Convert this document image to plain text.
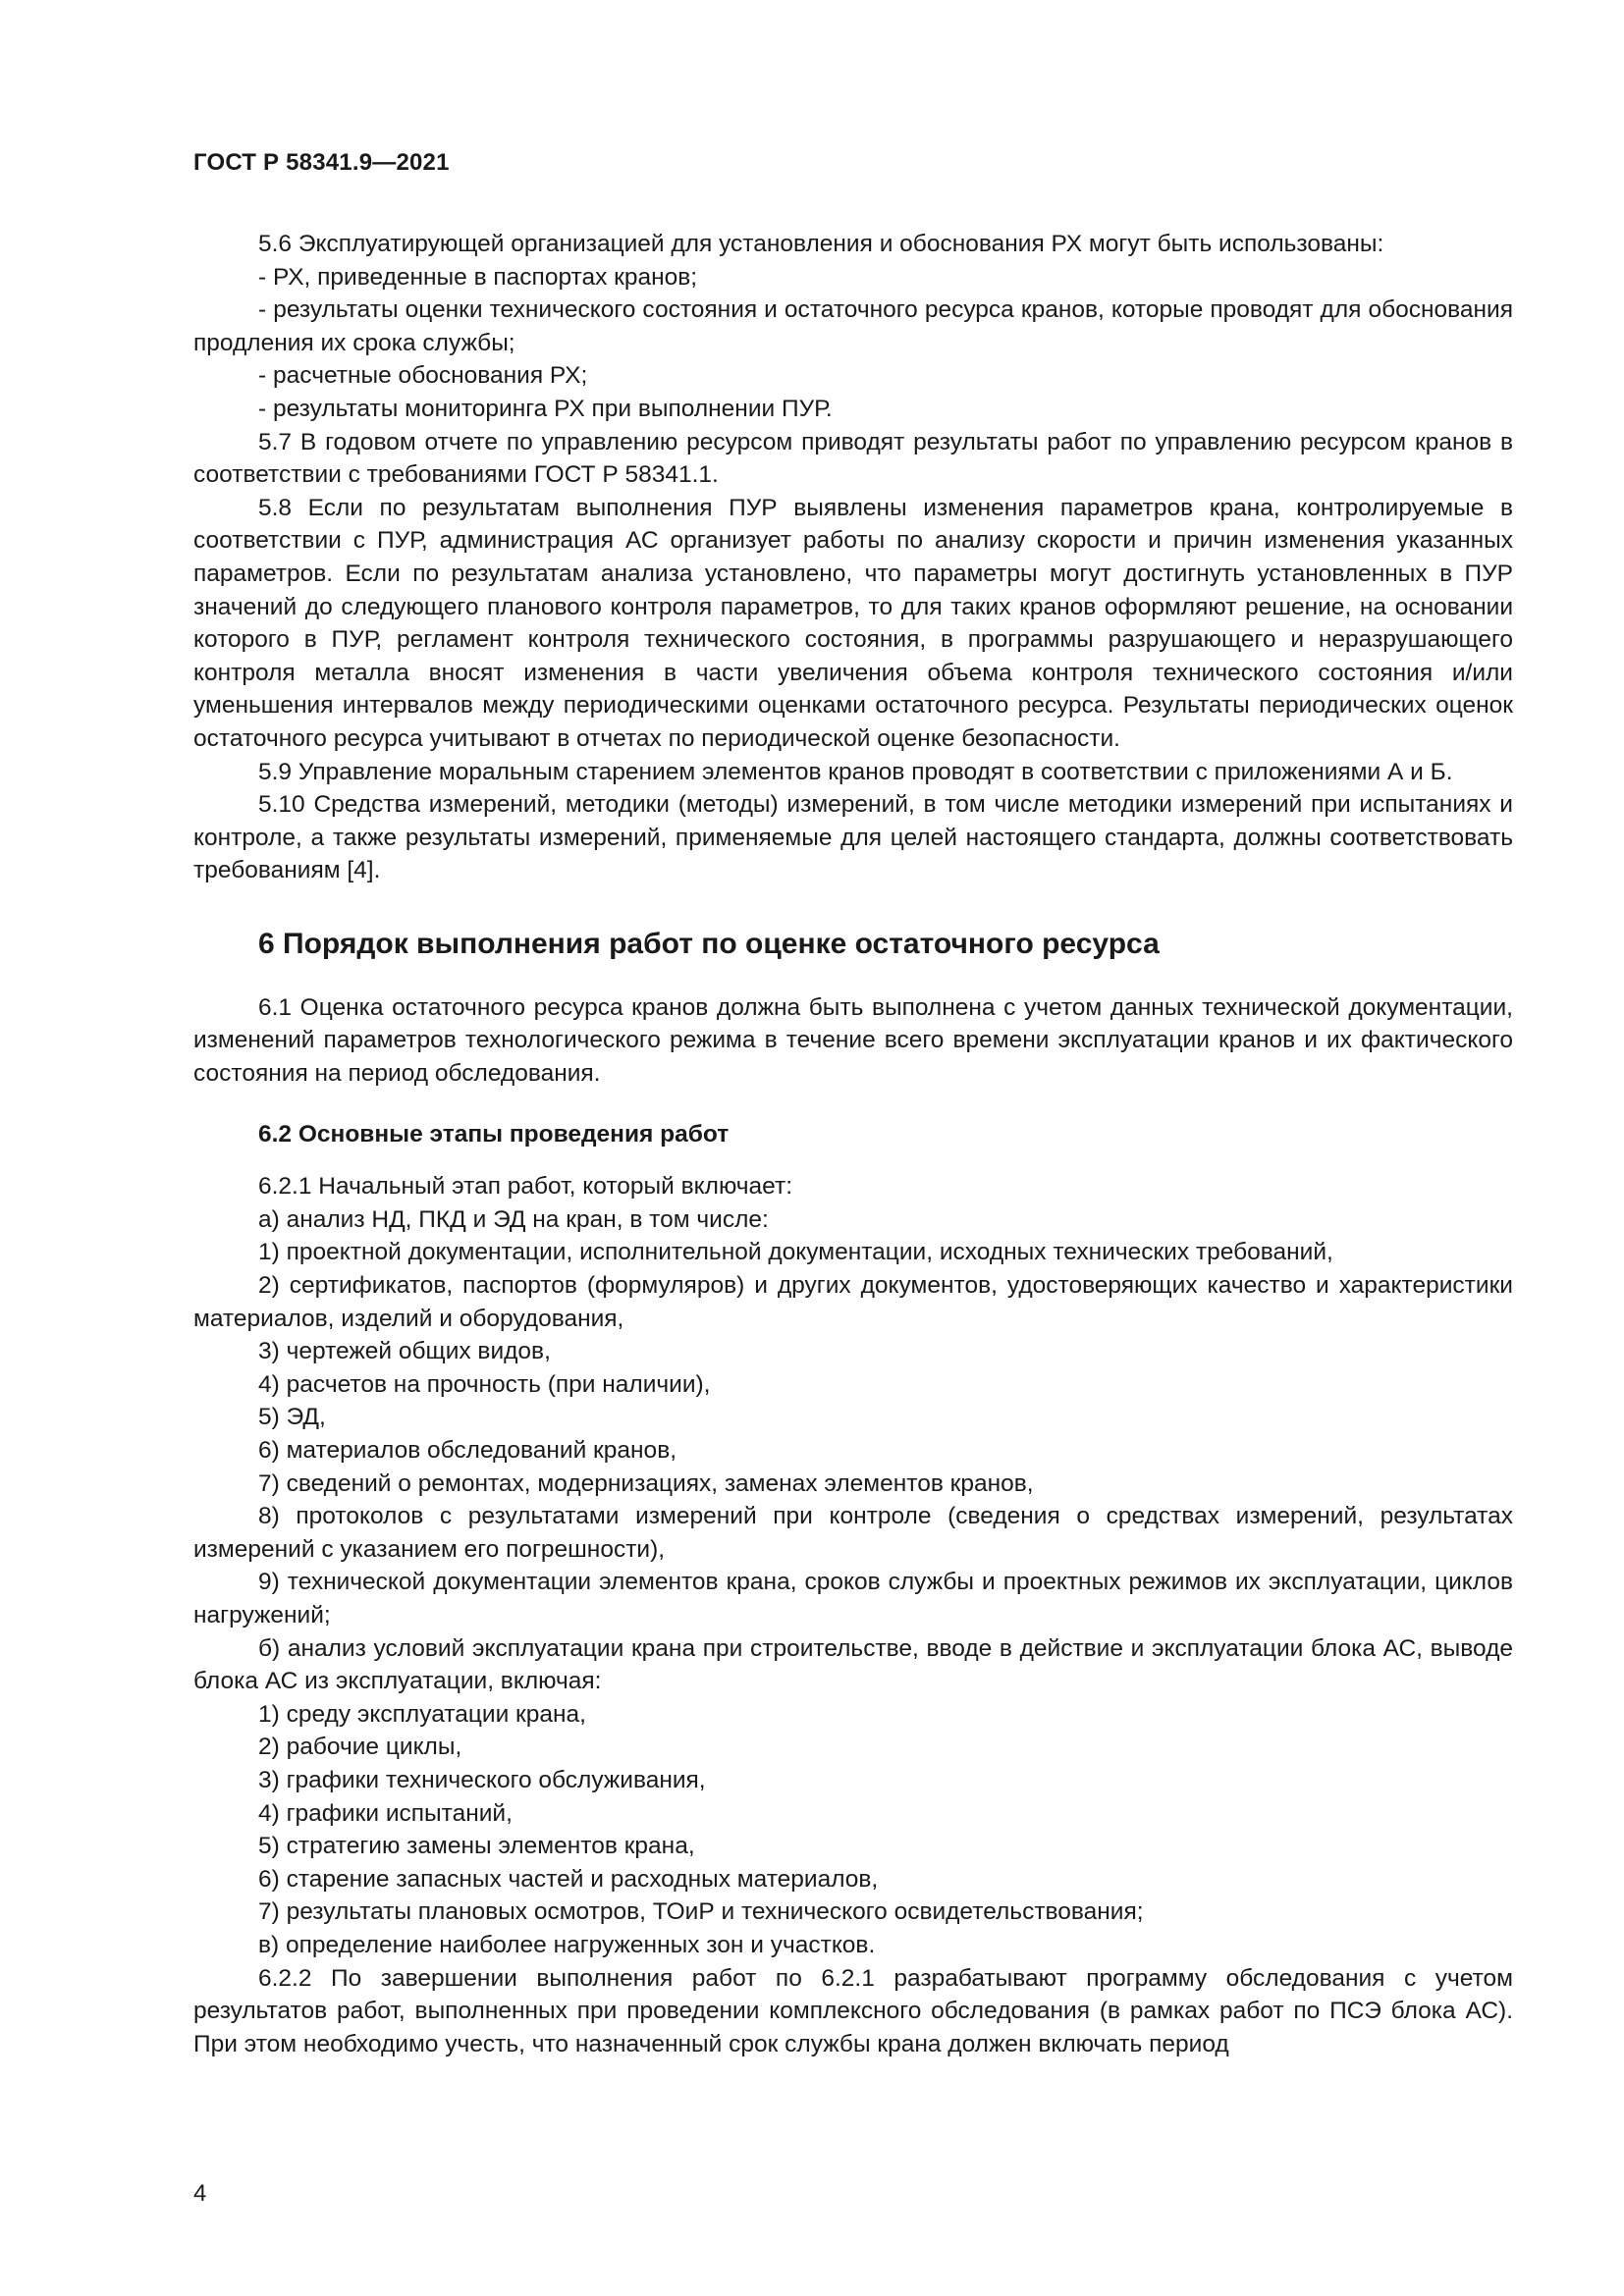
ГОСТ Р 58341.9—2021

5.6 Эксплуатирующей организацией для установления и обоснования РХ могут быть использованы:

- РХ, приведенные в паспортах кранов;

- результаты оценки технического состояния и остаточного ресурса кранов, которые проводят для обоснования продления их срока службы;

- расчетные обоснования РХ;

- результаты мониторинга РХ при выполнении ПУР.

5.7 В годовом отчете по управлению ресурсом приводят результаты работ по управлению ресурсом кранов в соответствии с требованиями ГОСТ Р 58341.1.

5.8 Если по результатам выполнения ПУР выявлены изменения параметров крана, контролируемые в соответствии с ПУР, администрация АС организует работы по анализу скорости и причин изменения указанных параметров. Если по результатам анализа установлено, что параметры могут достигнуть установленных в ПУР значений до следующего планового контроля параметров, то для таких кранов оформляют решение, на основании которого в ПУР, регламент контроля технического состояния, в программы разрушающего и неразрушающего контроля металла вносят изменения в части увеличения объема контроля технического состояния и/или уменьшения интервалов между периодическими оценками остаточного ресурса. Результаты периодических оценок остаточного ресурса учитывают в отчетах по периодической оценке безопасности.

5.9 Управление моральным старением элементов кранов проводят в соответствии с приложениями А и Б.

5.10 Средства измерений, методики (методы) измерений, в том числе методики измерений при испытаниях и контроле, а также результаты измерений, применяемые для целей настоящего стандарта, должны соответствовать требованиям [4].

6 Порядок выполнения работ по оценке остаточного ресурса

6.1 Оценка остаточного ресурса кранов должна быть выполнена с учетом данных технической документации, изменений параметров технологического режима в течение всего времени эксплуатации кранов и их фактического состояния на период обследования.

6.2 Основные этапы проведения работ

6.2.1 Начальный этап работ, который включает:

а) анализ НД, ПКД и ЭД на кран, в том числе:

1) проектной документации, исполнительной документации, исходных технических требований,

2) сертификатов, паспортов (формуляров) и других документов, удостоверяющих качество и характеристики материалов, изделий и оборудования,

3) чертежей общих видов,

4) расчетов на прочность (при наличии),

5) ЭД,

6) материалов обследований кранов,

7) сведений о ремонтах, модернизациях, заменах элементов кранов,

8) протоколов с результатами измерений при контроле (сведения о средствах измерений, результатах измерений с указанием его погрешности),

9) технической документации элементов крана, сроков службы и проектных режимов их эксплуатации, циклов нагружений;

б) анализ условий эксплуатации крана при строительстве, вводе в действие и эксплуатации блока АС, выводе блока АС из эксплуатации, включая:

1) среду эксплуатации крана,

2) рабочие циклы,

3) графики технического обслуживания,

4) графики испытаний,

5) стратегию замены элементов крана,

6) старение запасных частей и расходных материалов,

7) результаты плановых осмотров, ТОиР и технического освидетельствования;

в) определение наиболее нагруженных зон и участков.

6.2.2 По завершении выполнения работ по 6.2.1 разрабатывают программу обследования с учетом результатов работ, выполненных при проведении комплексного обследования (в рамках работ по ПСЭ блока АС). При этом необходимо учесть, что назначенный срок службы крана должен включать период

4
